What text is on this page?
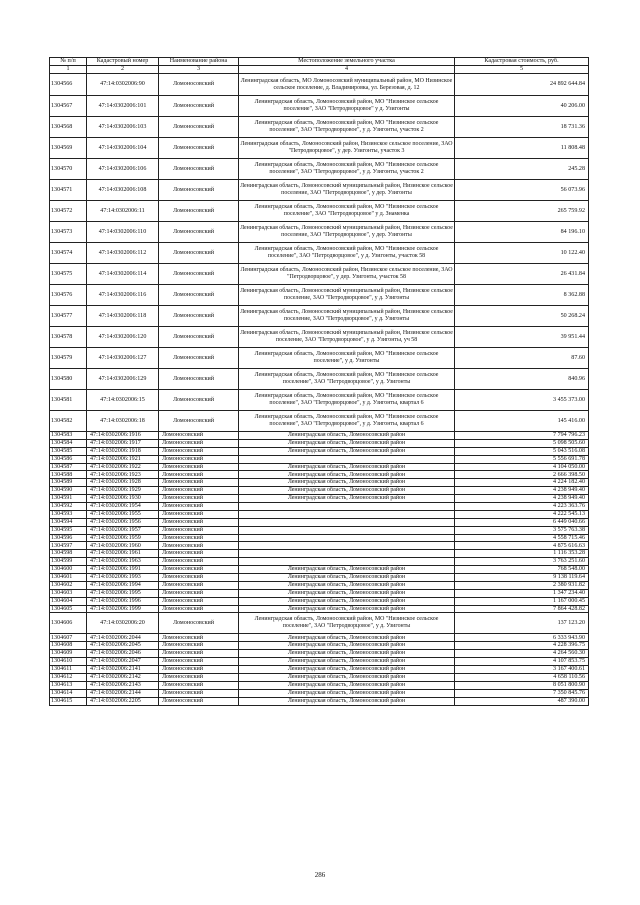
№ п/п	Кадастровый номер	Наименование района	Местоположение земельного участка	Кадастровая стоимость, руб.
1	2	3	4	5
1304566	47:14:0302006:90	Ломоносовский	Ленинградская область, МО Ломоносовский муниципальный район, МО Низинское сельское поселение, д. Владимировка, ул. Березовая, д. 12	24 892 644.84
1304567	47:14:0302006:101	Ломоносовский	Ленинградская область, Ломоносовский район, МО "Низинское сельское поселение", ЗАО "Петродворцовое" у д. Узигонты	40 206.00
1304568	47:14:0302006:103	Ломоносовский	Ленинградская область, Ломоносовский район, МО "Низинское сельское поселение", ЗАО "Петродворцовое", у д. Узигонты, участок 2	18 731.36
1304569	47:14:0302006:104	Ломоносовский	Ленинградская область, Ломоносовский район, Низинское сельское поселение, ЗАО "Петродворцовое", у дер. Узигонты, участок 3	11 808.48
1304570	47:14:0302006:106	Ломоносовский	Ленинградская область, Ломоносовский район, МО "Низинское сельское поселение", ЗАО "Петродворцовое", у д. Узигонты, участок 2	245.28
1304571	47:14:0302006:108	Ломоносовский	Ленинградская область, Ломоносовский муниципальный район, Низинское сельское поселение, ЗАО "Петродворцовое", у дер. Узигонты	56 073.96
1304572	47:14:0302006:11	Ломоносовский	Ленинградская область, Ломоносовский район, МО "Низинское сельское поселение", ЗАО "Петродворцовое" у д. Знаменка	265 759.92
1304573	47:14:0302006:110	Ломоносовский	Ленинградская область, Ломоносовский муниципальный район, Низинское сельское поселение, ЗАО "Петродворцовое", у дер. Узигонты	84 196.10
1304574	47:14:0302006:112	Ломоносовский	Ленинградская область, Ломоносовский район, МО "Низинское сельское поселение", ЗАО "Петродворцовое", у д. Узигонты, участок 58	10 122.40
1304575	47:14:0302006:114	Ломоносовский	Ленинградская область, Ломоносовский район, Низинское сельское поселение, ЗАО "Петродворцовое", у дер. Узигонты, участок 58	26 431.84
1304576	47:14:0302006:116	Ломоносовский	Ленинградская область, Ломоносовский муниципальный район, Низинское сельское поселение, ЗАО "Петродворцовое", у д. Узигонты	8 362.88
1304577	47:14:0302006:118	Ломоносовский	Ленинградская область, Ломоносовский муниципальный район, Низинское сельское поселение, ЗАО "Петродворцовое", у д. Узигонты	50 268.24
1304578	47:14:0302006:120	Ломоносовский	Ленинградская область, Ломоносовский муниципальный район, Низинское сельское поселение, ЗАО "Петродворцовое", у д. Узигонты, уч 58	39 951.44
1304579	47:14:0302006:127	Ломоносовский	Ленинградская область, Ломоносовский район, МО "Низинское сельское поселение", у д. Узигонты	87.60
1304580	47:14:0302006:129	Ломоносовский	Ленинградская область, Ломоносовский район, МО "Низинское сельское поселение", ЗАО "Петродворцовое", у д. Узигонты	840.96
1304581	47:14:0302006:15	Ломоносовский	Ленинградская область, Ломоносовский район, МО "Низинское сельское поселение", ЗАО "Петродворцовое", у д. Узигонты, квартал 6	3 455 373.00
1304582	47:14:0302006:18	Ломоносовский	Ленинградская область, Ломоносовский район, МО "Низинское сельское поселение", ЗАО "Петродворцовое", у д. Узигонты, квартал 6	145 416.00
1304583	47:14:0302006:1916	Ломоносовский	Ленинградская область, Ломоносовский район	7 794 796.23
1304584	47:14:0302006:1917	Ломоносовский	Ленинградская область, Ломоносовский район	5 098 505.60
1304585	47:14:0302006:1918	Ломоносовский	Ленинградская область, Ломоносовский район	5 043 516.08
1304586	47:14:0302006:1921	Ломоносовский		5 556 691.78
1304587	47:14:0302006:1922	Ломоносовский	Ленинградская область, Ломоносовский район	4 104 050.00
1304588	47:14:0302006:1923	Ломоносовский	Ленинградская область, Ломоносовский район	2 666 398.50
1304589	47:14:0302006:1928	Ломоносовский	Ленинградская область, Ломоносовский район	4 224 182.40
1304590	47:14:0302006:1929	Ломоносовский	Ленинградская область, Ломоносовский район	4 238 949.40
1304591	47:14:0302006:1930	Ломоносовский	Ленинградская область, Ломоносовский район	4 238 949.40
1304592	47:14:0302006:1954	Ломоносовский		4 223 363.76
1304593	47:14:0302006:1955	Ломоносовский		4 222 545.13
1304594	47:14:0302006:1956	Ломоносовский		6 449 040.66
1304595	47:14:0302006:1957	Ломоносовский		3 575 763.38
1304596	47:14:0302006:1959	Ломоносовский		4 558 715.46
1304597	47:14:0302006:1960	Ломоносовский		4 875 616.63
1304598	47:14:0302006:1961	Ломоносовский		1 116 353.28
1304599	47:14:0302006:1963	Ломоносовский		3 763 251.60
1304600	47:14:0302006:1991	Ломоносовский	Ленинградская область, Ломоносовский район	768 548.00
1304601	47:14:0302006:1993	Ломоносовский	Ленинградская область, Ломоносовский район	9 138 119.64
1304602	47:14:0302006:1994	Ломоносовский	Ленинградская область, Ломоносовский район	2 380 931.82
1304603	47:14:0302006:1995	Ломоносовский	Ленинградская область, Ломоносовский район	1 347 234.40
1304604	47:14:0302006:1996	Ломоносовский	Ленинградская область, Ломоносовский район	1 167 000.45
1304605	47:14:0302006:1999	Ломоносовский	Ленинградская область, Ломоносовский район	7 864 428.82
1304606	47:14:0302006:20	Ломоносовский	Ленинградская область, Ломоносовский район, МО "Низинское сельское поселение", ЗАО "Петродворцовое", у д. Узигонты	137 123.20
1304607	47:14:0302006:2044	Ломоносовский	Ленинградская область, Ломоносовский район	6 333 943.90
1304608	47:14:0302006:2045	Ломоносовский	Ленинградская область, Ломоносовский район	4 228 396.75
1304609	47:14:0302006:2046	Ломоносовский	Ленинградская область, Ломоносовский район	4 264 560.30
1304610	47:14:0302006:2047	Ломоносовский	Ленинградская область, Ломоносовский район	4 107 853.75
1304611	47:14:0302006:2141	Ломоносовский	Ленинградская область, Ломоносовский район	3 167 400.61
1304612	47:14:0302006:2142	Ломоносовский	Ленинградская область, Ломоносовский район	4 658 110.56
1304613	47:14:0302006:2143	Ломоносовский	Ленинградская область, Ломоносовский район	8 051 800.90
1304614	47:14:0302006:2144	Ломоносовский	Ленинградская область, Ломоносовский район	7 350 845.76
1304615	47:14:0302006:2205	Ломоносовский	Ленинградская область, Ломоносовский район	487 390.00
286
